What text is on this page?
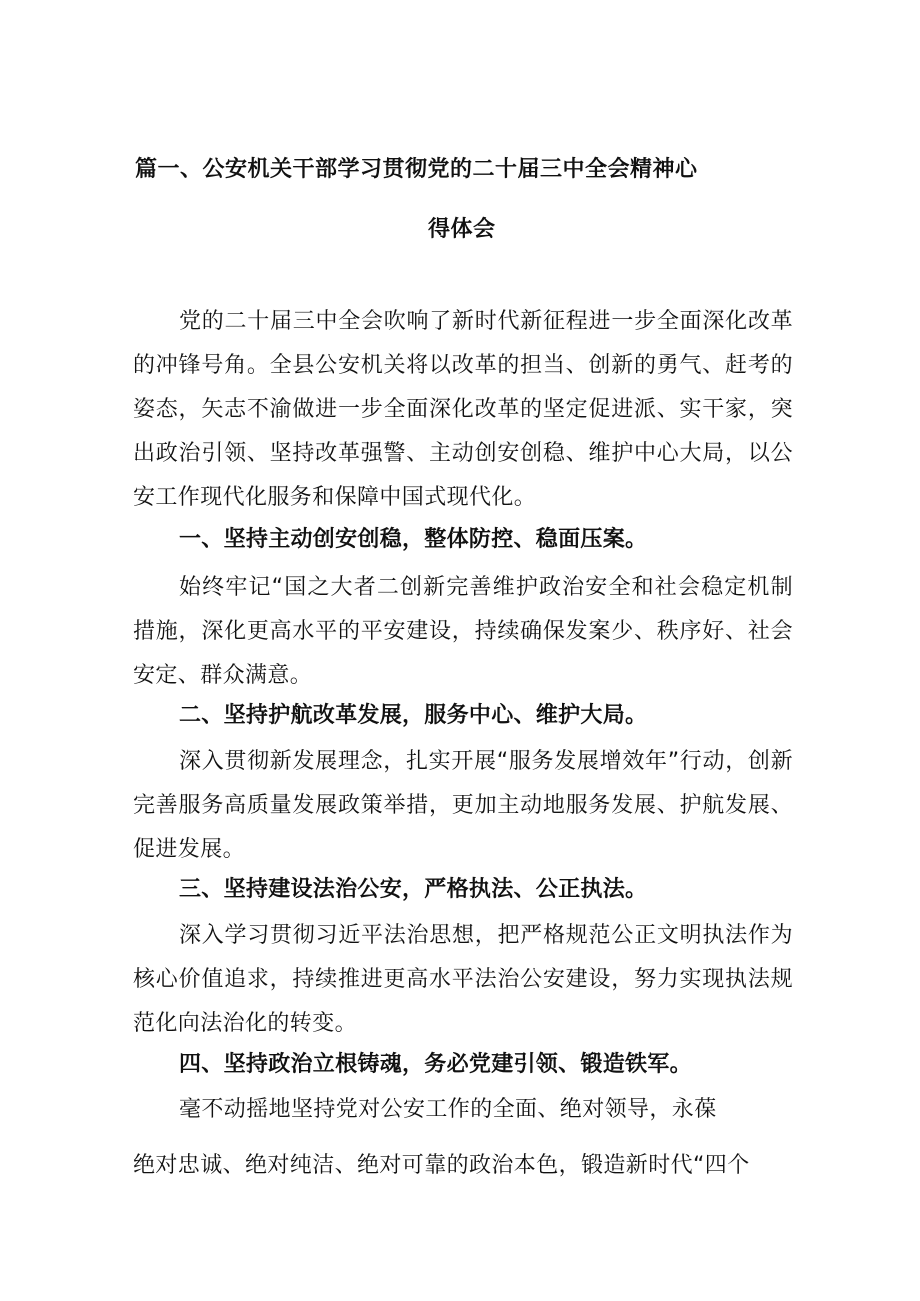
篇一、公安机关干部学习贯彻党的二十届三中全会精神心
得体会

党的二十届三中全会吹响了新时代新征程进一步全面深化改革的冲锋号角。全县公安机关将以改革的担当、创新的勇气、赶考的姿态，矢志不渝做进一步全面深化改革的坚定促进派、实干家，突出政治引领、坚持改革强警、主动创安创稳、维护中心大局，以公安工作现代化服务和保障中国式现代化。

一、坚持主动创安创稳，整体防控、稳面压案。

始终牢记“国之大者二创新完善维护政治安全和社会稳定机制措施，深化更高水平的平安建设，持续确保发案少、秩序好、社会安定、群众满意。

二、坚持护航改革发展，服务中心、维护大局。

深入贯彻新发展理念，扎实开展“服务发展增效年”行动，创新完善服务高质量发展政策举措，更加主动地服务发展、护航发展、促进发展。

三、坚持建设法治公安，严格执法、公正执法。

深入学习贯彻习近平法治思想，把严格规范公正文明执法作为核心价值追求，持续推进更高水平法治公安建设，努力实现执法规范化向法治化的转变。

四、坚持政治立根铸魂，务必党建引领、锻造铁军。
毫不动摇地坚持党对公安工作的全面、绝对领导，永葆
绝对忠诚、绝对纯洁、绝对可靠的政治本色，锻造新时代“四个
